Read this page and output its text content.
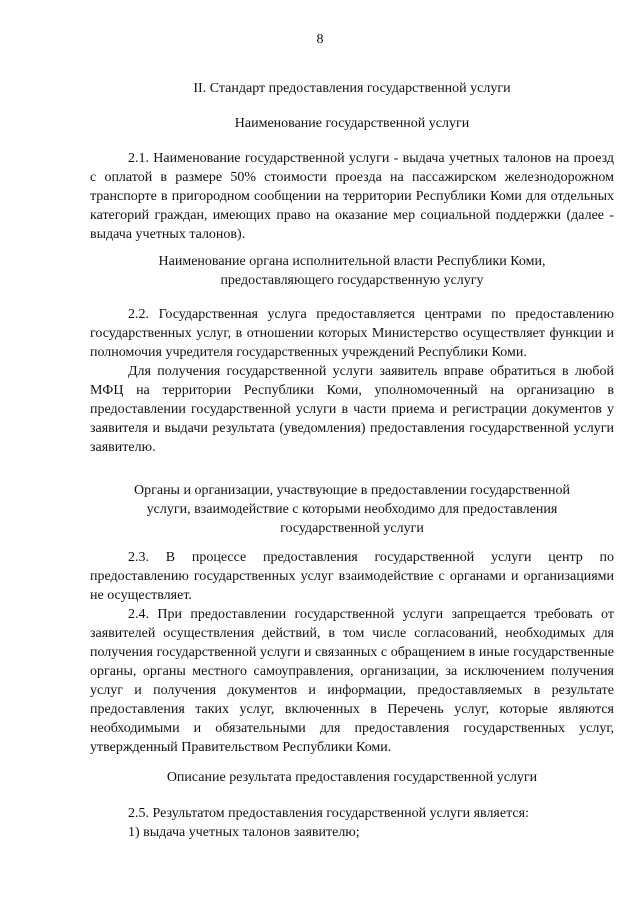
8

II. Стандарт предоставления государственной услуги

Наименование государственной услуги

2.1. Наименование государственной услуги - выдача учетных талонов на проезд с оплатой в размере 50% стоимости проезда на пассажирском железнодорожном транспорте в пригородном сообщении на территории Республики Коми для отдельных категорий граждан, имеющих право на оказание мер социальной поддержки (далее - выдача учетных талонов).

Наименование органа исполнительной власти Республики Коми,

предоставляющего государственную услугу

2.2. Государственная услуга предоставляется центрами по предоставлению государственных услуг, в отношении которых Министерство осуществляет функции и полномочия учредителя государственных учреждений Республики Коми.

Для получения государственной услуги заявитель вправе обратиться в любой МФЦ на территории Республики Коми, уполномоченный на организацию в предоставлении государственной услуги в части приема и регистрации документов у заявителя и выдачи результата (уведомления) предоставления государственной услуги заявителю.

Органы и организации, участвующие в предоставлении государственной

услуги, взаимодействие с которыми необходимо для предоставления

государственной услуги

2.3. В процессе предоставления государственной услуги центр по предоставлению государственных услуг взаимодействие с органами и организациями не осуществляет.

2.4. При предоставлении государственной услуги запрещается требовать от заявителей осуществления действий, в том числе согласований, необходимых для получения государственной услуги и связанных с обращением в иные государственные органы, органы местного самоуправления, организации, за исключением получения услуг и получения документов и информации, предоставляемых в результате предоставления таких услуг, включенных в Перечень услуг, которые являются необходимыми и обязательными для предоставления государственных услуг, утвержденный Правительством Республики Коми.

Описание результата предоставления государственной услуги

2.5. Результатом предоставления государственной услуги является:

1) выдача учетных талонов заявителю;
